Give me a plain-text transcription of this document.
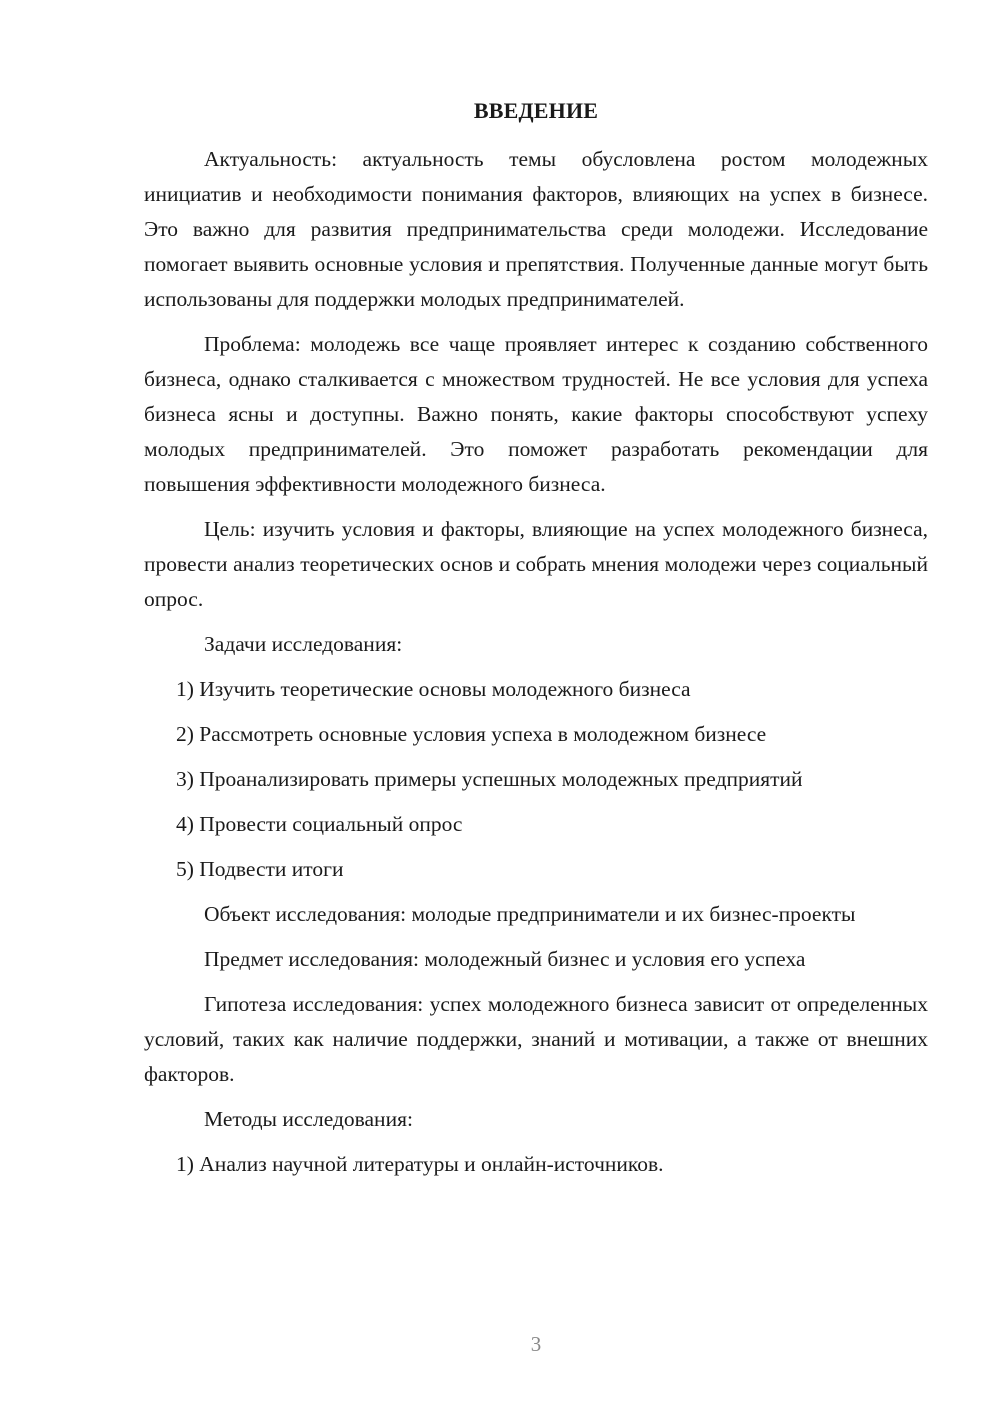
ВВЕДЕНИЕ

Актуальность: актуальность темы обусловлена ростом молодежных инициатив и необходимости понимания факторов, влияющих на успех в бизнесе. Это важно для развития предпринимательства среди молодежи. Исследование помогает выявить основные условия и препятствия. Полученные данные могут быть использованы для поддержки молодых предпринимателей.

Проблема: молодежь все чаще проявляет интерес к созданию собственного бизнеса, однако сталкивается с множеством трудностей. Не все условия для успеха бизнеса ясны и доступны. Важно понять, какие факторы способствуют успеху молодых предпринимателей. Это поможет разработать рекомендации для повышения эффективности молодежного бизнеса.

Цель: изучить условия и факторы, влияющие на успех молодежного бизнеса, провести анализ теоретических основ и собрать мнения молодежи через социальный опрос.

Задачи исследования:

1) Изучить теоретические основы молодежного бизнеса

2) Рассмотреть основные условия успеха в молодежном бизнесе

3) Проанализировать примеры успешных молодежных предприятий

4) Провести социальный опрос

5) Подвести итоги

Объект исследования: молодые предприниматели и их бизнес-проекты

Предмет исследования: молодежный бизнес и условия его успеха

Гипотеза исследования: успех молодежного бизнеса зависит от определенных условий, таких как наличие поддержки, знаний и мотивации, а также от внешних факторов.

Методы исследования:

1) Анализ научной литературы и онлайн-источников.

3
